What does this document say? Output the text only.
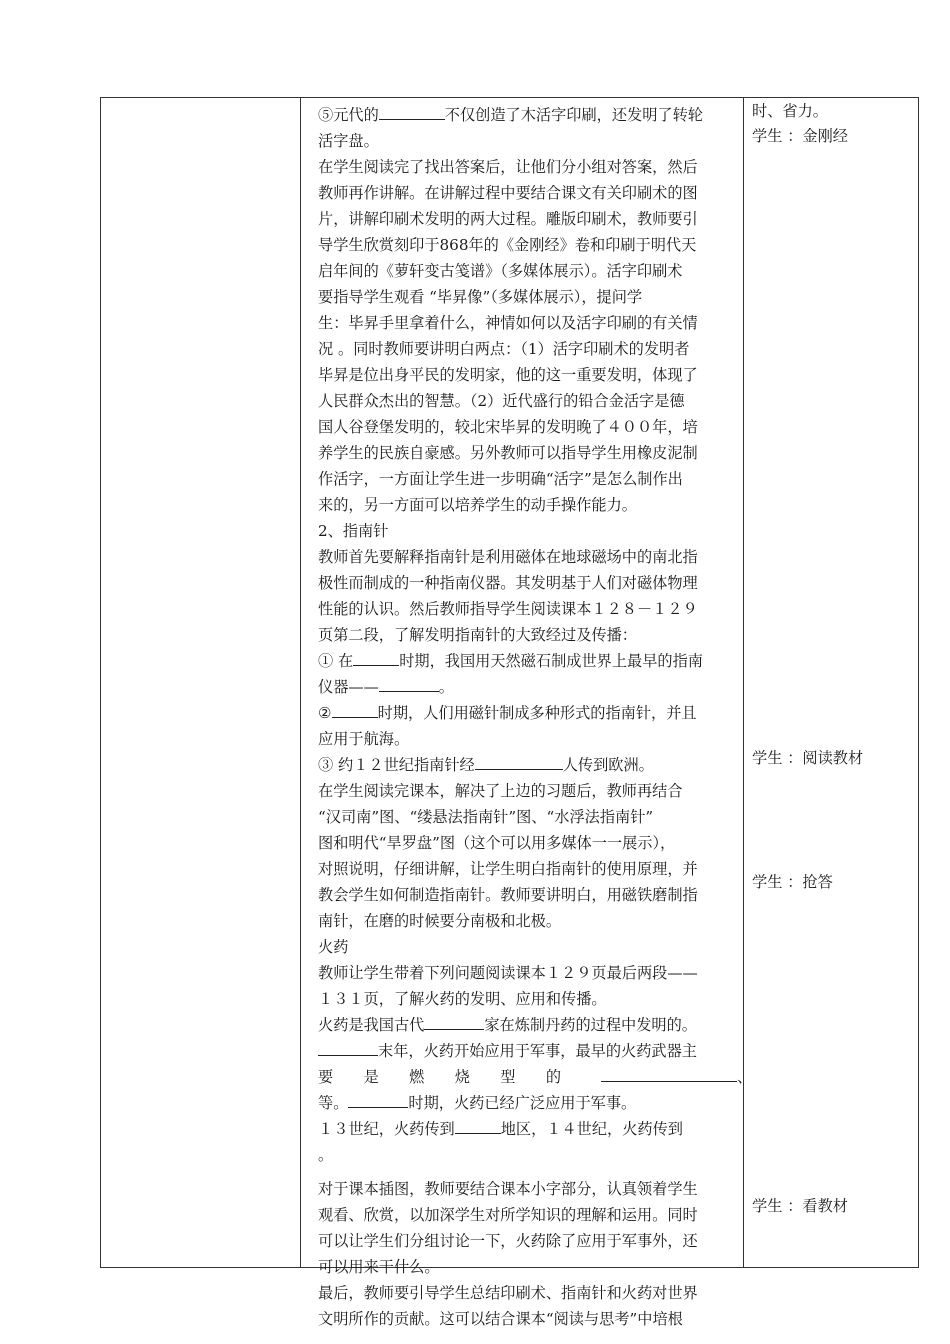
⑤元代的	不仅创造了木活字印刷，还发明了转轮
活字盘。
在学生阅读完了找出答案后，让他们分小组对答案，然后
教师再作讲解。在讲解过程中要结合课文有关印刷术的图
片，讲解印刷术发明的两大过程。雕版印刷术，教师要引
导学生欣赏刻印于868年的《金刚经》卷和印刷于明代天
启年间的《萝轩变古笺谱》（多媒体展示）。活字印刷术
要指导学生观看 “毕昇像”（多媒体展示），提问学
生：毕昇手里拿着什么，神情如何以及活字印刷的有关情
况 。同时教师要讲明白两点：（1）活字印刷术的发明者
毕昇是位出身平民的发明家，他的这一重要发明，体现了
人民群众杰出的智慧。（2）近代盛行的铅合金活字是德
国人谷登堡发明的，较北宋毕昇的发明晚了４００年，培
养学生的民族自豪感。另外教师可以指导学生用橡皮泥制
作活字，一方面让学生进一步明确“活字”是怎么制作出
来的，另一方面可以培养学生的动手操作能力。
2、指南针
教师首先要解释指南针是利用磁体在地球磁场中的南北指
极性而制成的一种指南仪器。其发明基于人们对磁体物理
性能的认识。然后教师指导学生阅读课本１２８－１２９
页第二段，了解发明指南针的大致经过及传播：
① 在	时期，我国用天然磁石制成世界上最早的指南
仪器——	。
②	时期，人们用磁针制成多种形式的指南针，并且
应用于航海。
③ 约１２世纪指南针经	人传到欧洲。
在学生阅读完课本，解决了上边的习题后，教师再结合
“汉司南”图、“缕悬法指南针”图、“水浮法指南针”
图和明代“旱罗盘”图（这个可以用多媒体一一展示），
对照说明，仔细讲解，让学生明白指南针的使用原理，并
教会学生如何制造指南针。教师要讲明白，用磁铁磨制指
南针，在磨的时候要分南极和北极。
火药
教师让学生带着下列问题阅读课本１２９页最后两段——
１３１页，了解火药的发明、应用和传播。
火药是我国古代	家在炼制丹药的过程中发明的。
末年，火药开始应用于军事，最早的火药武器主
要　　是　　燃　　烧　　型　　的	、
等。	时期，火药已经广泛应用于军事。
１３世纪，火药传到	地区，１４世纪，火药传到
。
对于课本插图，教师要结合课本小字部分，认真领着学生
观看、欣赏，以加深学生对所学知识的理解和运用。同时
可以让学生们分组讨论一下，火药除了应用于军事外，还
可以用来干什么。
最后，教师要引导学生总结印刷术、指南针和火药对世界
文明所作的贡献。这可以结合课本“阅读与思考”中培根
时、省力。
学生 ：金刚经
学生 ：阅读教材
学生 ：抢答
学生 ：看教材
